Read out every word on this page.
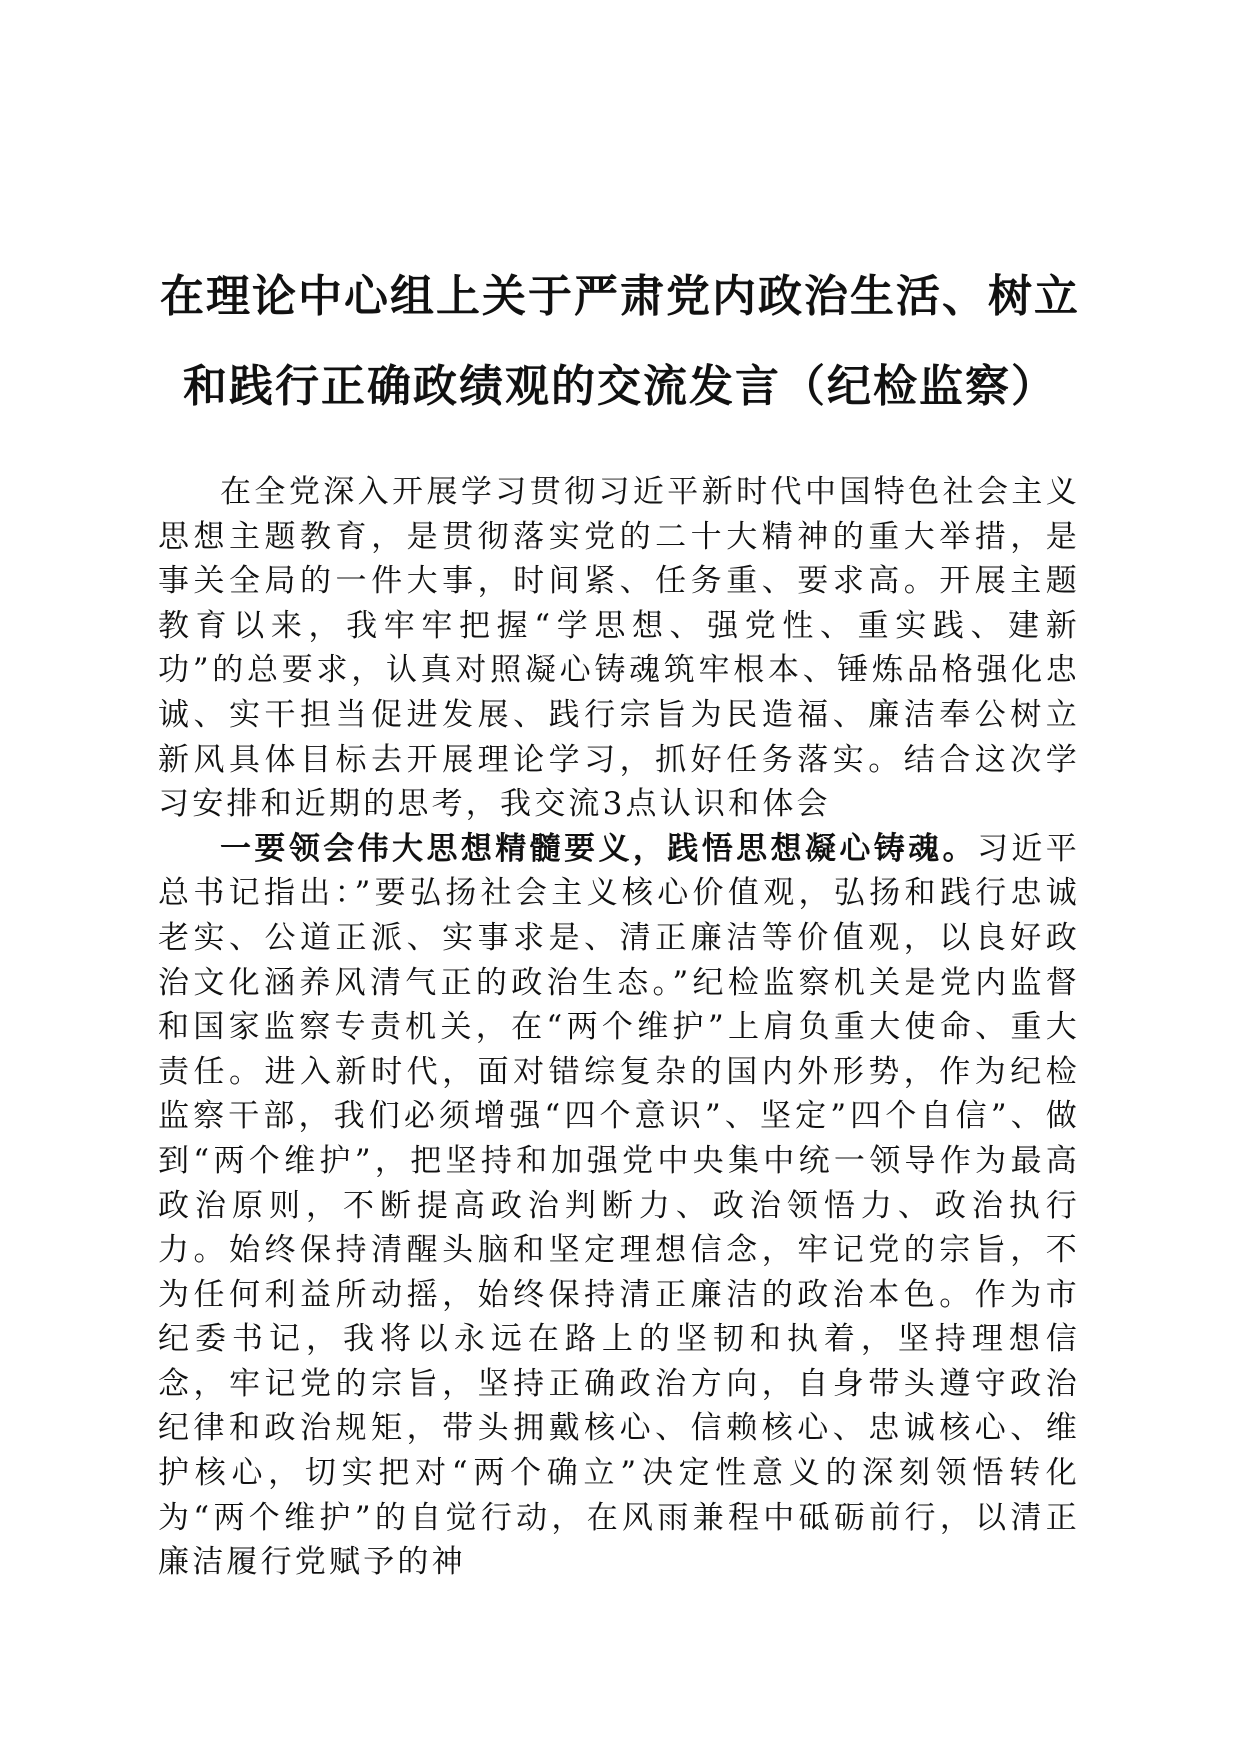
在理论中心组上关于严肃党内政治生活、树立
和践行正确政绩观的交流发言（纪检监察）

在全党深入开展学习贯彻习近平新时代中国特色社会主义思想主题教育，是贯彻落实党的二十大精神的重大举措，是事关全局的一件大事，时间紧、任务重、要求高。开展主题教育以来，我牢牢把握“学思想、强党性、重实践、建新功”的总要求，认真对照凝心铸魂筑牢根本、锤炼品格强化忠诚、实干担当促进发展、践行宗旨为民造福、廉洁奉公树立新风具体目标去开展理论学习，抓好任务落实。结合这次学习安排和近期的思考，我交流3点认识和体会

一要领会伟大思想精髓要义，践悟思想凝心铸魂。习近平总书记指出：”要弘扬社会主义核心价值观，弘扬和践行忠诚老实、公道正派、实事求是、清正廉洁等价值观，以良好政治文化涵养风清气正的政治生态。”纪检监察机关是党内监督和国家监察专责机关，在“两个维护”上肩负重大使命、重大责任。进入新时代，面对错综复杂的国内外形势，作为纪检监察干部，我们必须增强“四个意识”、坚定”四个自信”、做到“两个维护”，把坚持和加强党中央集中统一领导作为最高政治原则，不断提高政治判断力、政治领悟力、政治执行力。始终保持清醒头脑和坚定理想信念，牢记党的宗旨，不为任何利益所动摇，始终保持清正廉洁的政治本色。作为市纪委书记，我将以永远在路上的坚韧和执着，坚持理想信念，牢记党的宗旨，坚持正确政治方向，自身带头遵守政治纪律和政治规矩，带头拥戴核心、信赖核心、忠诚核心、维护核心，切实把对“两个确立”决定性意义的深刻领悟转化为“两个维护”的自觉行动，在风雨兼程中砥砺前行，以清正廉洁履行党赋予的神
